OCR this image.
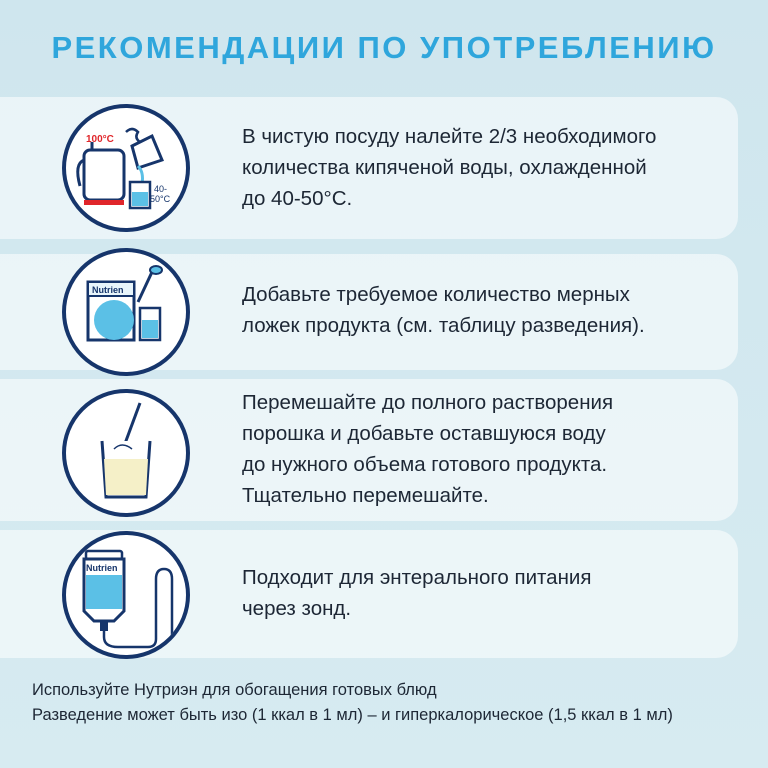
РЕКОМЕНДАЦИИ ПО УПОТРЕБЛЕНИЮ
100°C
40-
50°C
В чистую посуду налейте 2/3 необходимого
количества кипяченой воды, охлажденной
до 40-50°C.
Nutrien	Добавьте требуемое количество мерных
ложек продукта (см. таблицу разведения).
Перемешайте до полного растворения
порошка и добавьте оставшуюся воду
до нужного объема готового продукта.
Тщательно перемешайте.
Nutrien	Подходит для энтерального питания
через зонд.
Используйте Нутриэн для обогащения готовых блюд
Разведение может быть изо (1 ккал в 1 мл) – и гиперкалорическое (1,5 ккал в 1 мл)
